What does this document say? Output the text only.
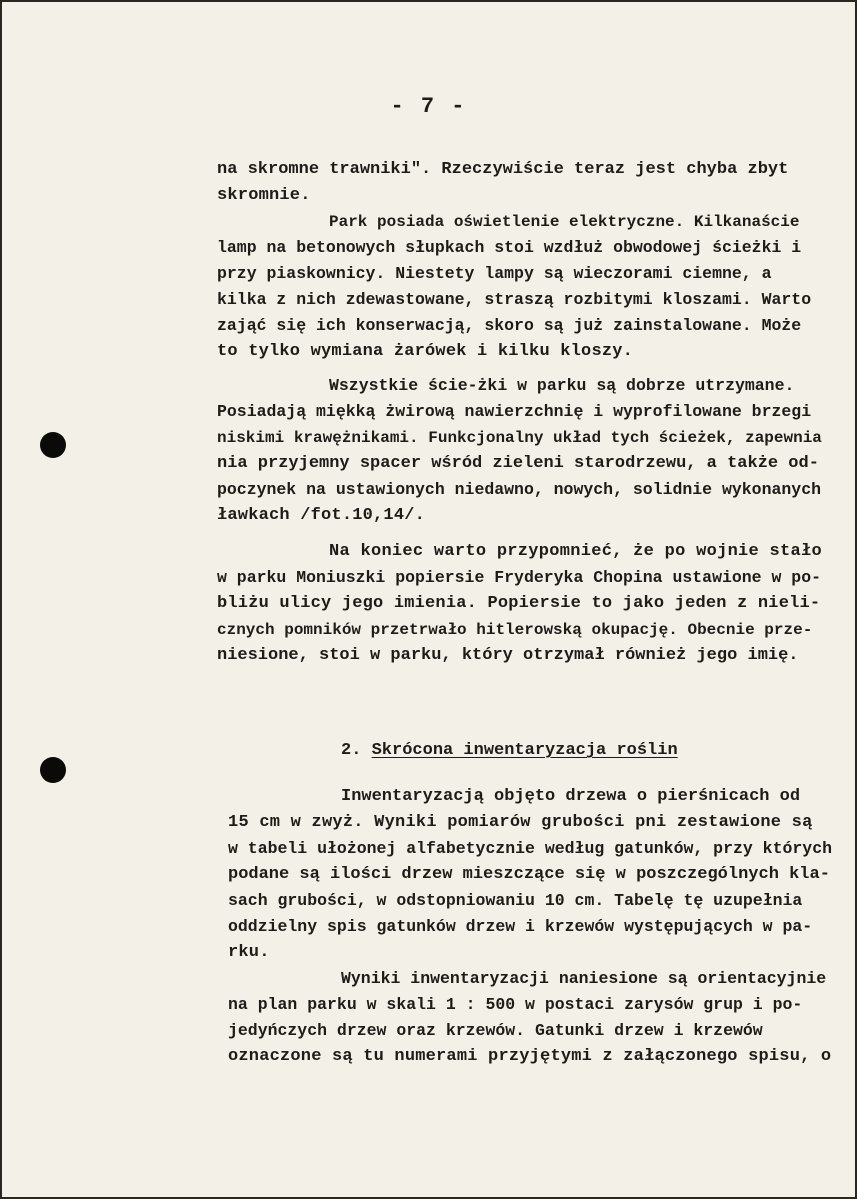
- 7 -
na skromne trawniki". Rzeczywiście teraz jest chyba zbyt
skromnie.
Park posiada oświetlenie elektryczne. Kilkanaście
lamp na betonowych słupkach stoi wzdłuż obwodowej ścieżki i
przy piaskownicy. Niestety lampy są wieczorami ciemne, a
kilka z nich zdewastowane, straszą rozbitymi kloszami. Warto
zająć się ich konserwacją, skoro są już zainstalowane. Może
to tylko wymiana żarówek i kilku kloszy.
Wszystkie ście-żki w parku są dobrze utrzymane.
Posiadają miękką żwirową nawierzchnię i wyprofilowane brzegi
niskimi krawężnikami. Funkcjonalny układ tych ścieżek, zapewnia
nia przyjemny spacer wśród zieleni starodrzewu, a także od-
poczynek na ustawionych niedawno, nowych, solidnie wykonanych
ławkach /fot.10,14/.
Na koniec warto przypomnieć, że po wojnie stało
w parku Moniuszki popiersie Fryderyka Chopina ustawione w po-
bliżu ulicy jego imienia. Popiersie to jako jeden z nieli-
cznych pomników przetrwało hitlerowską okupację. Obecnie prze-
niesione, stoi w parku, który otrzymał również jego imię.
2. Skrócona inwentaryzacja roślin
Inwentaryzacją objęto drzewa o pierśnicach od
15 cm w zwyż. Wyniki pomiarów grubości pni zestawione są
w tabeli ułożonej alfabetycznie według gatunków, przy których
podane są ilości drzew mieszczące się w poszczególnych kla-
sach grubości, w odstopniowaniu 10 cm. Tabelę tę uzupełnia
oddzielny spis gatunków drzew i krzewów występujących w pa-
rku.
Wyniki inwentaryzacji naniesione są orientacyjnie
na plan parku w skali 1 : 500 w postaci zarysów grup i po-
jedyńczych drzew oraz krzewów. Gatunki drzew i krzewów
oznaczone są tu numerami przyjętymi z załączonego spisu, o
